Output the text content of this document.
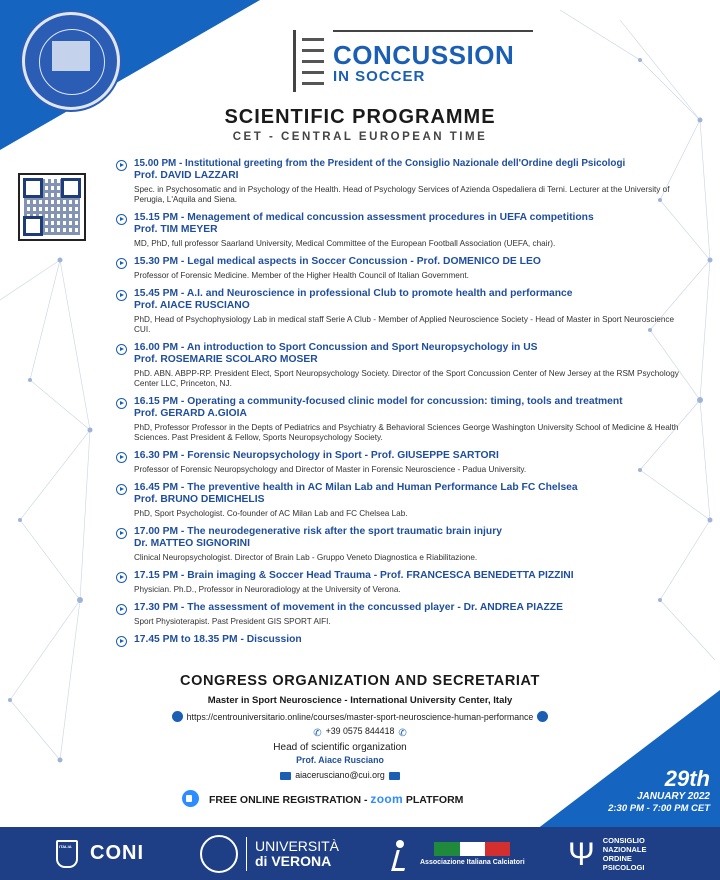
CONCUSSION
IN SOCCER
SCIENTIFIC PROGRAMME
CET - CENTRAL EUROPEAN TIME
15.00 PM - Institutional greeting from the President of the Consiglio Nazionale dell'Ordine degli Psicologi
Prof. DAVID LAZZARI
Spec. in Psychosomatic and in Psychology of the Health. Head of Psychology Services of Azienda Ospedaliera di Terni. Lecturer at the University of Perugia, L'Aquila and Siena.
15.15 PM - Menagement of medical concussion assessment procedures in UEFA competitions
Prof. TIM MEYER
MD, PhD, full professor Saarland University, Medical Committee of the European Football Association (UEFA, chair).
15.30 PM - Legal medical aspects in Soccer Concussion - Prof. DOMENICO DE LEO
Professor of Forensic Medicine. Member of the Higher Health Council of Italian Government.
15.45 PM - A.I. and Neuroscience in professional Club to promote health and performance
Prof. AIACE RUSCIANO
PhD, Head of Psychophysiology Lab in medical staff Serie A Club - Member of Applied Neuroscience Society - Head of Master in Sport Neuroscience CUI.
16.00 PM - An introduction to Sport Concussion and Sport Neuropsychology in US
Prof. ROSEMARIE SCOLARO MOSER
PhD. ABN. ABPP-RP. President Elect, Sport Neuropsychology Society. Director of the Sport Concussion Center of New Jersey at the RSM Psychology Center LLC, Princeton, NJ.
16.15 PM - Operating a community-focused clinic model for concussion: timing, tools and treatment
Prof. GERARD A.GIOIA
PhD, Professor Professor in the Depts of Pediatrics and Psychiatry & Behavioral Sciences George Washington University School of Medicine & Health Sciences. Past President & Fellow, Sports Neuropsychology Society.
16.30 PM - Forensic Neuropsychology in Sport - Prof. GIUSEPPE SARTORI
Professor of Forensic Neuropsychology and Director of Master in Forensic Neuroscience - Padua University.
16.45 PM - The preventive health in AC Milan Lab and Human Performance Lab FC Chelsea
Prof. BRUNO DEMICHELIS
PhD, Sport Psychologist. Co-founder of AC Milan Lab and FC Chelsea Lab.
17.00 PM - The neurodegenerative risk after the sport traumatic brain injury
Dr. MATTEO SIGNORINI
Clinical Neuropsychologist. Director of Brain Lab - Gruppo Veneto Diagnostica e Riabilitazione.
17.15 PM - Brain imaging & Soccer Head Trauma - Prof. FRANCESCA BENEDETTA PIZZINI
Physician. Ph.D., Professor in Neuroradiology at the University of Verona.
17.30 PM - The assessment of movement in the concussed player - Dr. ANDREA PIAZZE
Sport Physioterapist. Past President GIS SPORT AIFI.
17.45 PM to 18.35 PM - Discussion
CONGRESS ORGANIZATION AND SECRETARIAT
Master in Sport Neuroscience - International University Center, Italy
https://centrouniversitario.online/courses/master-sport-neuroscience-human-performance
✆ +39 0575 844418 ✆
Head of scientific organization
Prof. Aiace Rusciano
aiacerusciano@cui.org
FREE ONLINE REGISTRATION - zoom PLATFORM
29th
JANUARY 2022
2:30 PM - 7:00 PM CET
ITALIA CONI	UNIVERSITÀ
di VERONA	Associazione Italiana Calciatori Ψ CONSIGLIO
NAZIONALE
ORDINE
PSICOLOGI
